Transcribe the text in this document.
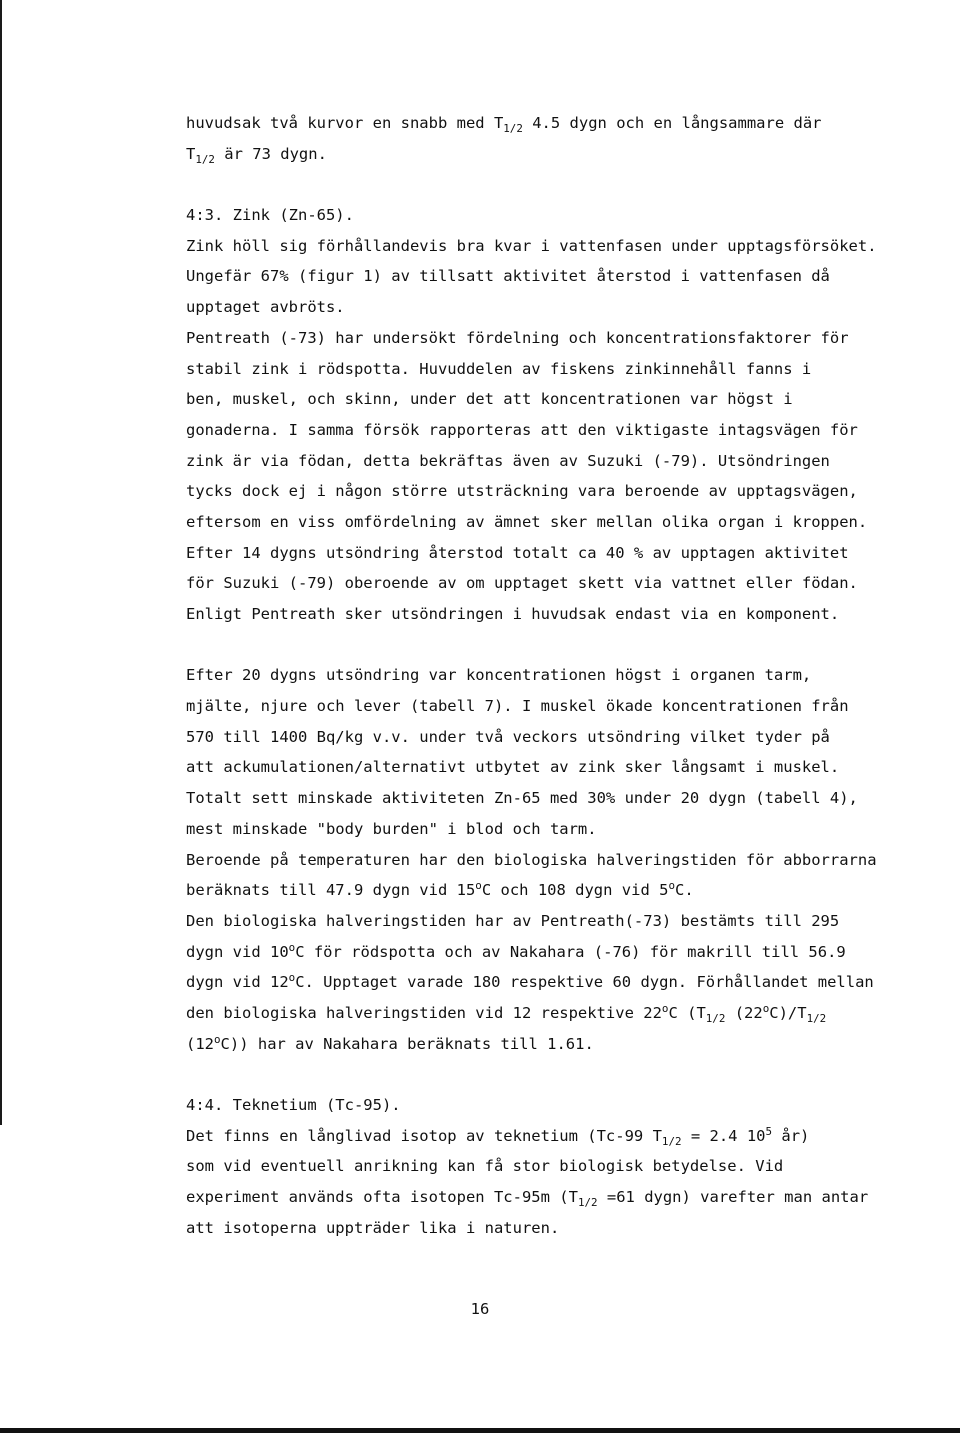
huvudsak två kurvor en snabb med $T_{1/2}$ 4.5 dygn och en långsammare där
$T_{1/2}$ är 73 dygn.
4:3. Zink (Zn-65).
Zink höll sig förhållandevis bra kvar i vattenfasen under upptagsförsöket.
Ungefär 67% (figur 1) av tillsatt aktivitet återstod i vattenfasen då
upptaget avbröts.
Pentreath (-73) har undersökt fördelning och koncentrationsfaktorer för
stabil zink i rödspotta. Huvuddelen av fiskens zinkinnehåll fanns i
ben, muskel, och skinn, under det att koncentrationen var högst i
gonaderna. I samma försök rapporteras att den viktigaste intagsvägen för
zink är via födan, detta bekräftas även av Suzuki (-79). Utsöndringen
tycks dock ej i någon större utsträckning vara beroende av upptagsvägen,
eftersom en viss omfördelning av ämnet sker mellan olika organ i kroppen.
Efter 14 dygns utsöndring återstod totalt ca 40 % av upptagen aktivitet
för Suzuki (-79) oberoende av om upptaget skett via vattnet eller födan.
Enligt Pentreath sker utsöndringen i huvudsak endast via en komponent.
Efter 20 dygns utsöndring var koncentrationen högst i organen tarm,
mjälte, njure och lever (tabell 7). I muskel ökade koncentrationen från
570 till 1400 Bq/kg v.v. under två veckors utsöndring vilket tyder på
att ackumulationen/alternativt utbytet av zink sker långsamt i muskel.
Totalt sett minskade aktiviteten Zn-65 med 30% under 20 dygn (tabell 4),
mest minskade "body burden" i blod och tarm.
Beroende på temperaturen har den biologiska halveringstiden för abborrarna
beräknats till 47.9 dygn vid 15$^o$C och 108 dygn vid 5$^o$C.
Den biologiska halveringstiden har av Pentreath(-73) bestämts till 295
dygn vid 10$^o$C för rödspotta och av Nakahara (-76) för makrill till 56.9
dygn vid 12$^o$C. Upptaget varade 180 respektive 60 dygn. Förhållandet mellan
den biologiska halveringstiden vid 12 respektive 22$^o$C ($T_{1/2}$ $(22^oC)/T_{1/2}$
(12$^o$C)) har av Nakahara beräknats till 1.61.
4:4. Teknetium (Tc-95).
Det finns en långlivad isotop av teknetium (Tc-99 $T_{1/2} = 2.4$ $10^5$ år)
som vid eventuell anrikning kan få stor biologisk betydelse. Vid
experiment används ofta isotopen Tc-95m ($T_{1/2} =61$ dygn) varefter man antar
att isotoperna uppträder lika i naturen.
16
